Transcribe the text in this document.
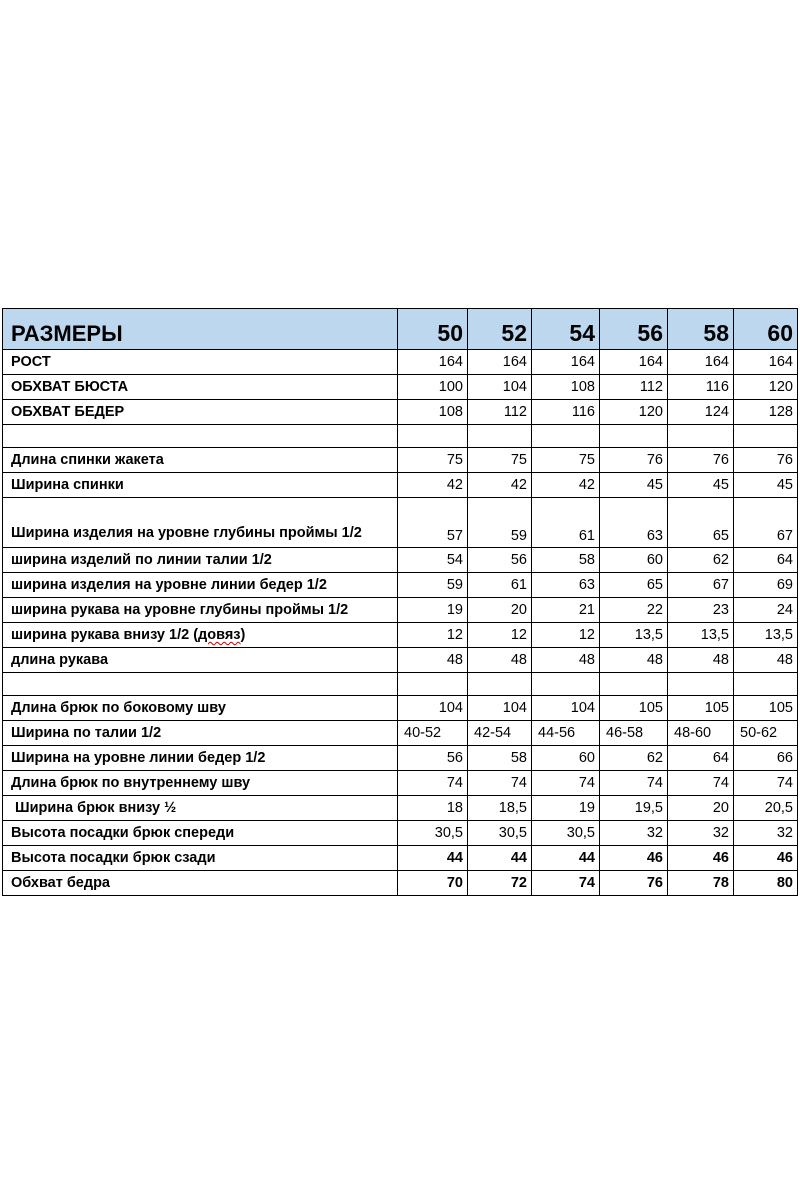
РАЗМЕРЫ	50	52	54	56	58	60
РОСТ	164	164	164	164	164	164
ОБХВАТ БЮСТА	100	104	108	112	116	120
ОБХВАТ БЕДЕР	108	112	116	120	124	128

Длина спинки жакета	75	75	75	76	76	76
Ширина спинки	42	42	42	45	45	45
Ширина изделия на уровне глубины проймы 1/2	57	59	61	63	65	67
ширина изделий по линии талии 1/2	54	56	58	60	62	64
ширина изделия на уровне линии бедер 1/2	59	61	63	65	67	69
ширина рукава на уровне глубины проймы 1/2	19	20	21	22	23	24
ширина рукава внизу 1/2 (довяз)	12	12	12	13,5	13,5	13,5
длина рукава	48	48	48	48	48	48

Длина брюк по боковому шву	104	104	104	105	105	105
Ширина по талии 1/2	40-52	42-54	44-56	46-58	48-60	50-62
Ширина на уровне линии бедер 1/2	56	58	60	62	64	66
Длина брюк по внутреннему шву	74	74	74	74	74	74
Ширина брюк внизу ½	18	18,5	19	19,5	20	20,5
Высота посадки брюк спереди	30,5	30,5	30,5	32	32	32
Высота посадки брюк сзади	44	44	44	46	46	46
Обхват бедра	70	72	74	76	78	80
